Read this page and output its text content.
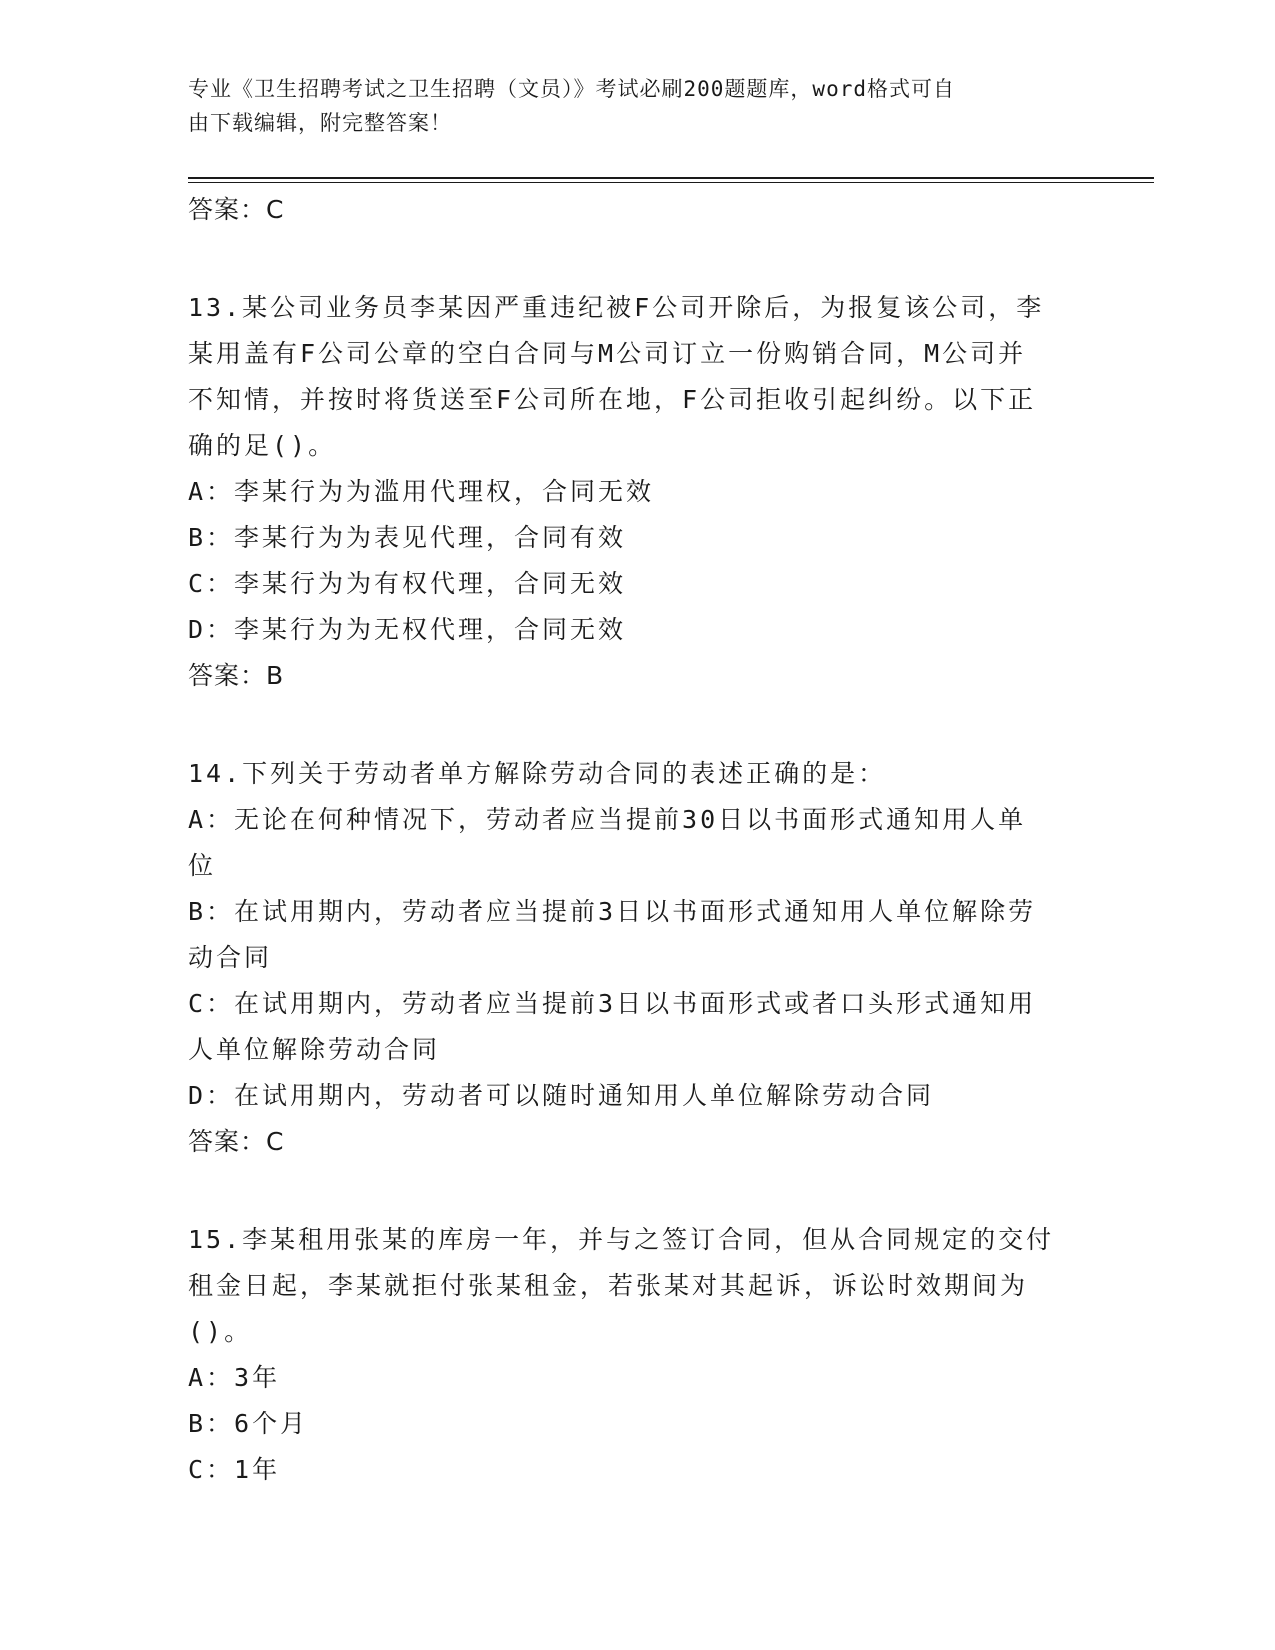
专业《卫生招聘考试之卫生招聘（文员）》考试必刷200题题库，word格式可自
由下载编辑，附完整答案！
答案：C
13.某公司业务员李某因严重违纪被F公司开除后，为报复该公司，李
某用盖有F公司公章的空白合同与M公司订立一份购销合同，M公司并
不知情，并按时将货送至F公司所在地，F公司拒收引起纠纷。以下正
确的足()。
A：李某行为为滥用代理权，合同无效
B：李某行为为表见代理，合同有效
C：李某行为为有权代理，合同无效
D：李某行为为无权代理，合同无效
答案：B
14.下列关于劳动者单方解除劳动合同的表述正确的是：
A：无论在何种情况下，劳动者应当提前30日以书面形式通知用人单
位
B：在试用期内，劳动者应当提前3日以书面形式通知用人单位解除劳
动合同
C：在试用期内，劳动者应当提前3日以书面形式或者口头形式通知用
人单位解除劳动合同
D：在试用期内，劳动者可以随时通知用人单位解除劳动合同
答案：C
15.李某租用张某的库房一年，并与之签订合同，但从合同规定的交付
租金日起，李某就拒付张某租金，若张某对其起诉，诉讼时效期间为
()。
A：3年
B：6个月
C：1年
